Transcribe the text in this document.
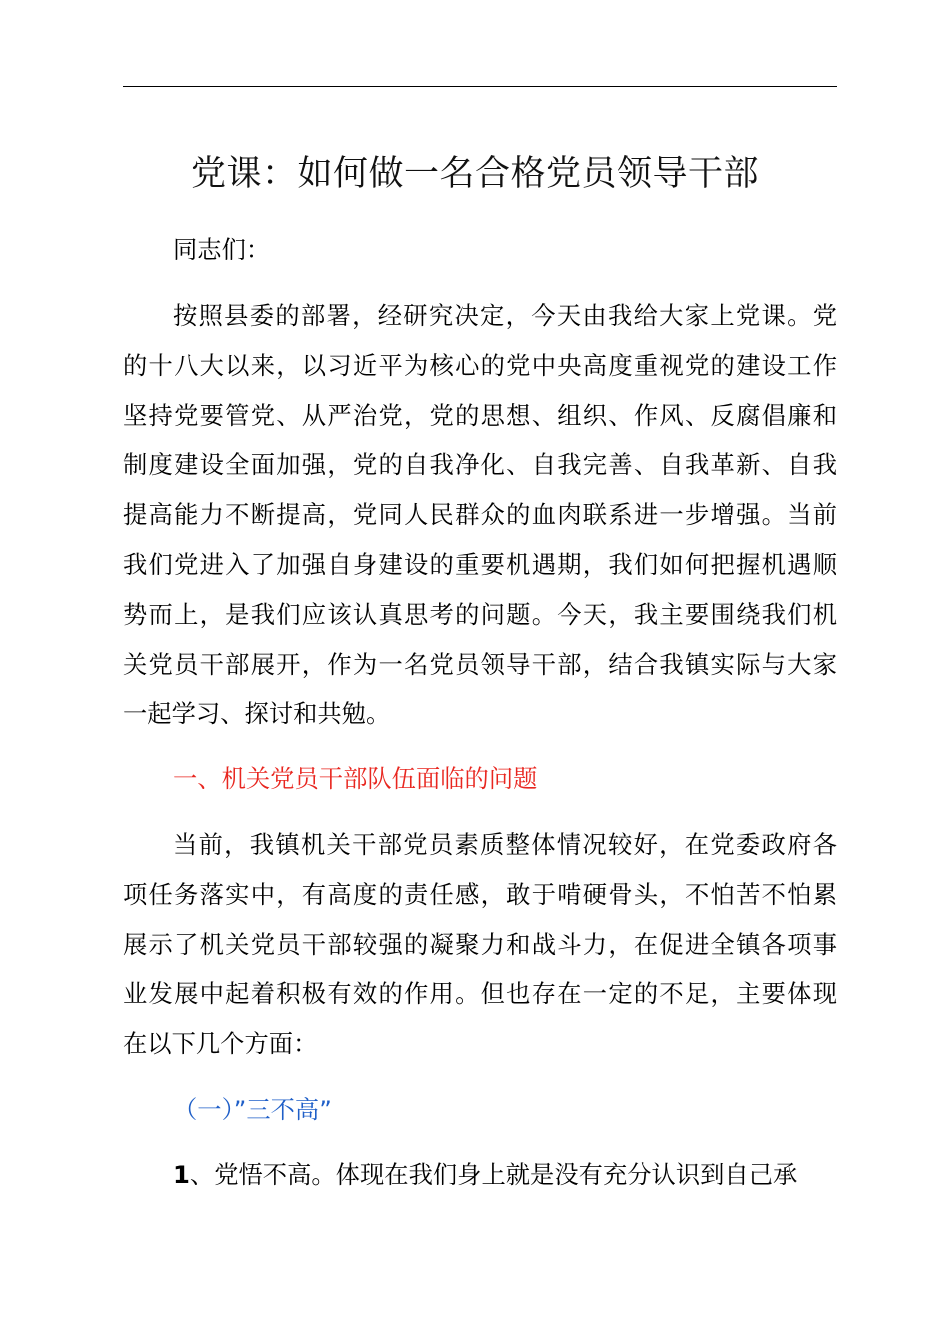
党课：如何做一名合格党员领导干部
同志们：
按照县委的部署，经研究决定，今天由我给大家上党课。党
的十八大以来，以习近平为核心的党中央高度重视党的建设工作
坚持党要管党、从严治党，党的思想、组织、作风、反腐倡廉和
制度建设全面加强，党的自我净化、自我完善、自我革新、自我
提高能力不断提高，党同人民群众的血肉联系进一步增强。当前
我们党进入了加强自身建设的重要机遇期，我们如何把握机遇顺
势而上，是我们应该认真思考的问题。今天，我主要围绕我们机
关党员干部展开，作为一名党员领导干部，结合我镇实际与大家
一起学习、探讨和共勉。
一、机关党员干部队伍面临的问题
当前，我镇机关干部党员素质整体情况较好，在党委政府各
项任务落实中，有高度的责任感，敢于啃硬骨头，不怕苦不怕累
展示了机关党员干部较强的凝聚力和战斗力，在促进全镇各项事
业发展中起着积极有效的作用。但也存在一定的不足，主要体现
在以下几个方面：
（一）”三不高”
1、党悟不高。体现在我们身上就是没有充分认识到自己承
